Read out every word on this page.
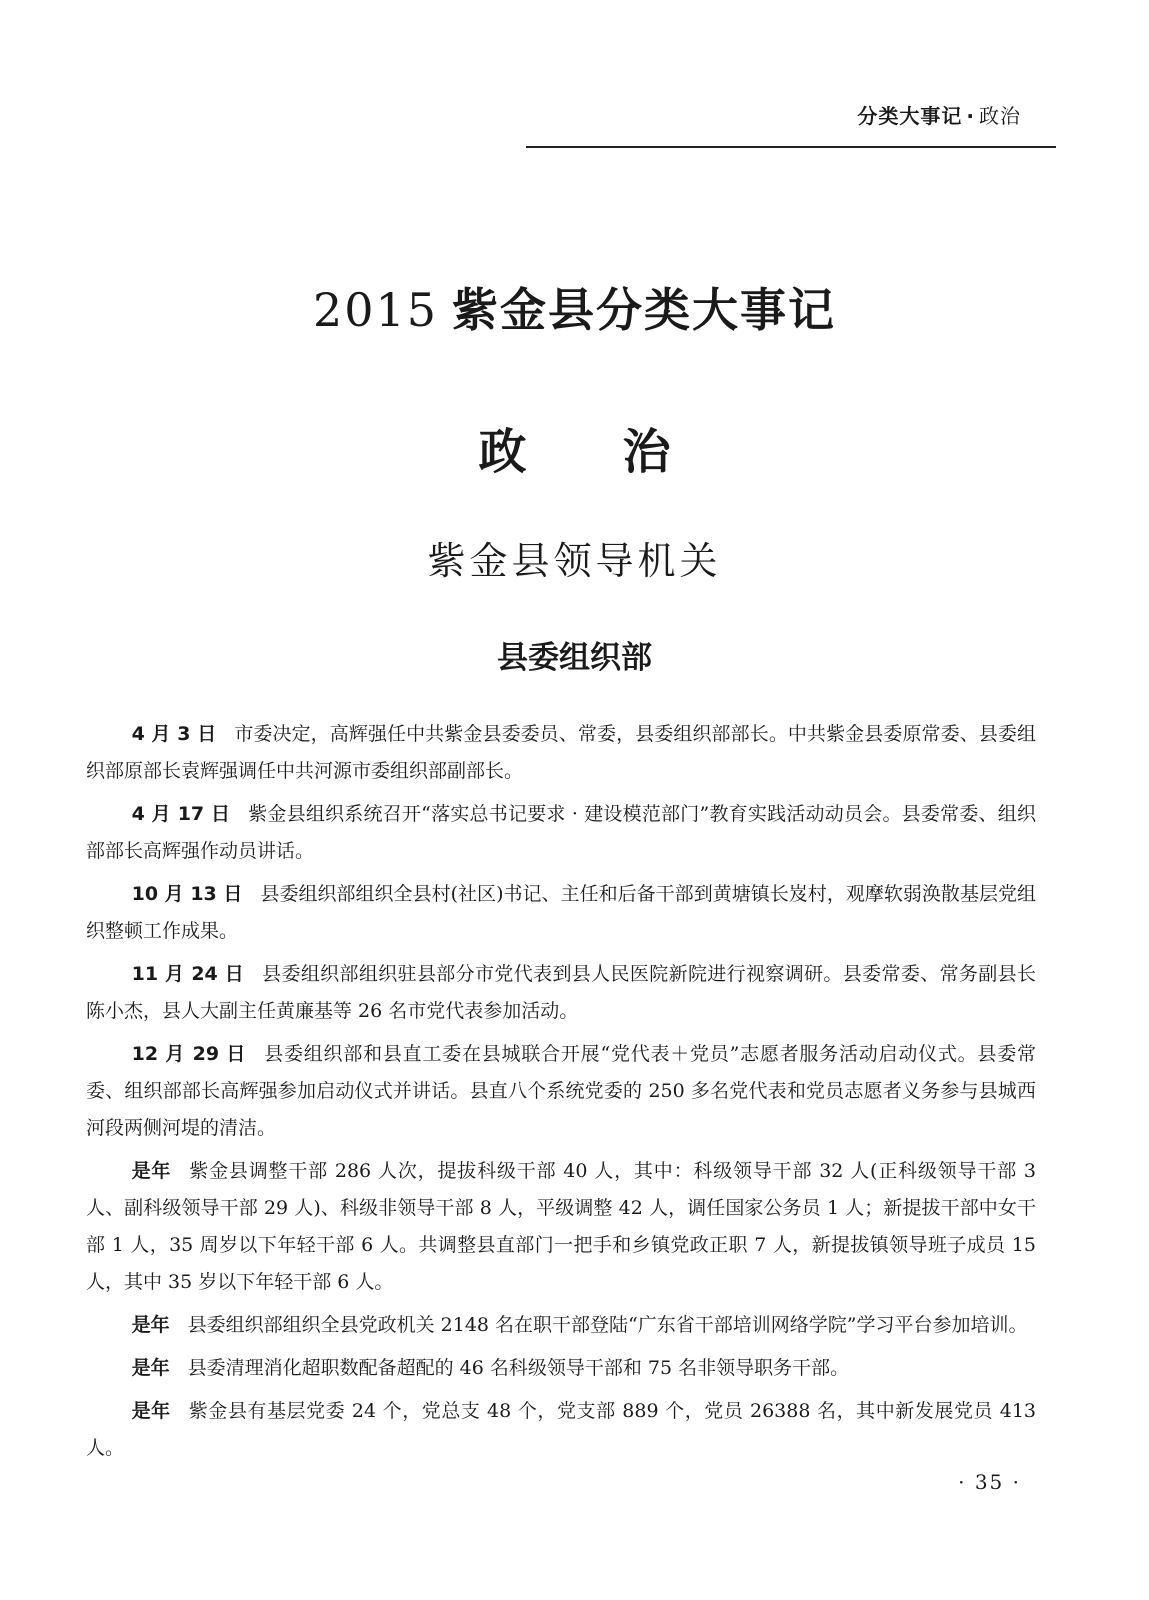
分类大事记 · 政治
2015 紫金县分类大事记
政治
紫金县领导机关
县委组织部

4 月 3 日 市委决定，高辉强任中共紫金县委委员、常委，县委组织部部长。中共紫金县委原常委、县委组织部原部长袁辉强调任中共河源市委组织部副部长。

4 月 17 日 紫金县组织系统召开“落实总书记要求 · 建设模范部门”教育实践活动动员会。县委常委、组织部部长高辉强作动员讲话。

10 月 13 日 县委组织部组织全县村(社区)书记、主任和后备干部到黄塘镇长岌村，观摩软弱涣散基层党组织整顿工作成果。

11 月 24 日 县委组织部组织驻县部分市党代表到县人民医院新院进行视察调研。县委常委、常务副县长陈小杰，县人大副主任黄廉基等 26 名市党代表参加活动。

12 月 29 日 县委组织部和县直工委在县城联合开展“党代表＋党员”志愿者服务活动启动仪式。县委常委、组织部部长高辉强参加启动仪式并讲话。县直八个系统党委的 250 多名党代表和党员志愿者义务参与县城西河段两侧河堤的清洁。

是年 紫金县调整干部 286 人次，提拔科级干部 40 人，其中：科级领导干部 32 人(正科级领导干部 3 人、副科级领导干部 29 人)、科级非领导干部 8 人，平级调整 42 人，调任国家公务员 1 人；新提拔干部中女干部 1 人，35 周岁以下年轻干部 6 人。共调整县直部门一把手和乡镇党政正职 7 人，新提拔镇领导班子成员 15 人，其中 35 岁以下年轻干部 6 人。

是年 县委组织部组织全县党政机关 2148 名在职干部登陆“广东省干部培训网络学院”学习平台参加培训。

是年 县委清理消化超职数配备超配的 46 名科级领导干部和 75 名非领导职务干部。

是年 紫金县有基层党委 24 个，党总支 48 个，党支部 889 个，党员 26388 名，其中新发展党员 413 人。

· 35 ·
